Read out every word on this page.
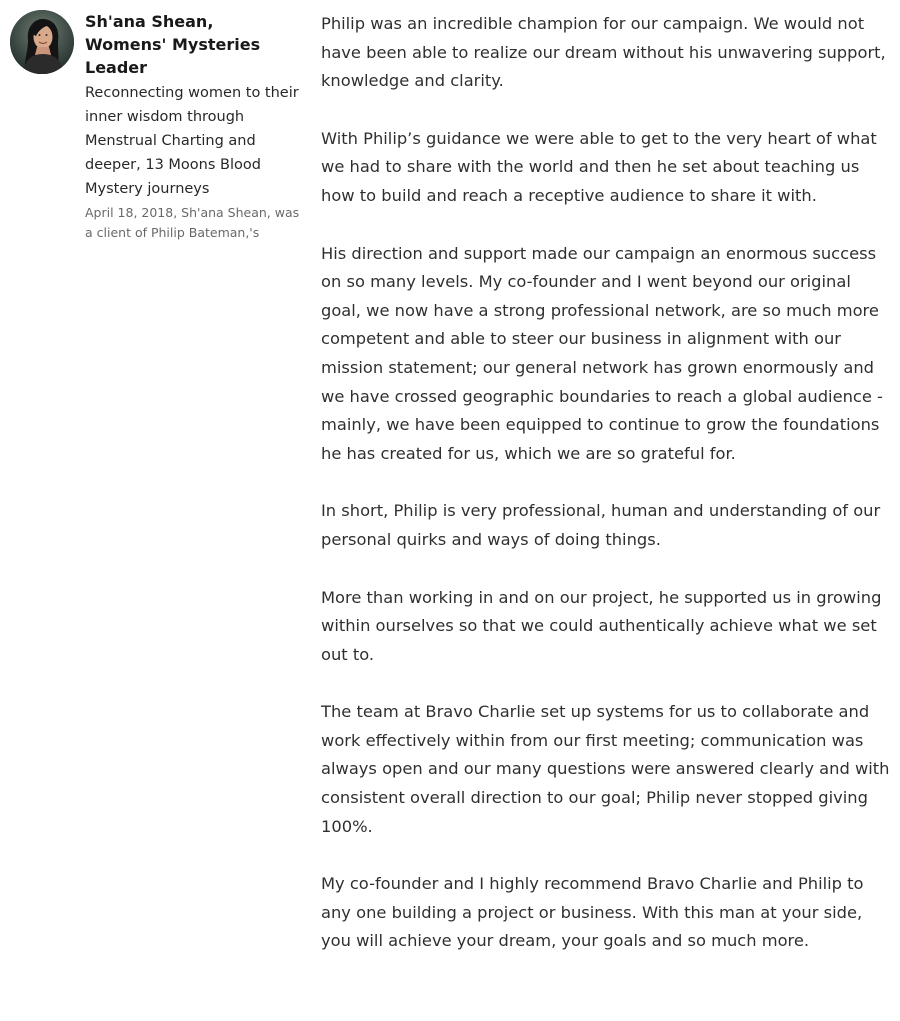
Sh'ana Shean, Womens' Mysteries Leader

Reconnecting women to their inner wisdom through Menstrual Charting and deeper, 13 Moons Blood Mystery journeys

April 18, 2018, Sh'ana Shean, was a client of Philip Bateman,'s

Philip was an incredible champion for our campaign. We would not have been able to realize our dream without his unwavering support, knowledge and clarity.

With Philip’s guidance we were able to get to the very heart of what we had to share with the world and then he set about teaching us how to build and reach a receptive audience to share it with.

His direction and support made our campaign an enormous success on so many levels. My co-founder and I went beyond our original goal, we now have a strong professional network, are so much more competent and able to steer our business in alignment with our mission statement; our general network has grown enormously and we have crossed geographic boundaries to reach a global audience - mainly, we have been equipped to continue to grow the foundations he has created for us, which we are so grateful for.

In short, Philip is very professional, human and understanding of our personal quirks and ways of doing things.

More than working in and on our project, he supported us in growing within ourselves so that we could authentically achieve what we set out to.

The team at Bravo Charlie set up systems for us to collaborate and work effectively within from our first meeting; communication was always open and our many questions were answered clearly and with consistent overall direction to our goal; Philip never stopped giving 100%.

My co-founder and I highly recommend Bravo Charlie and Philip to any one building a project or business. With this man at your side, you will achieve your dream, your goals and so much more.
